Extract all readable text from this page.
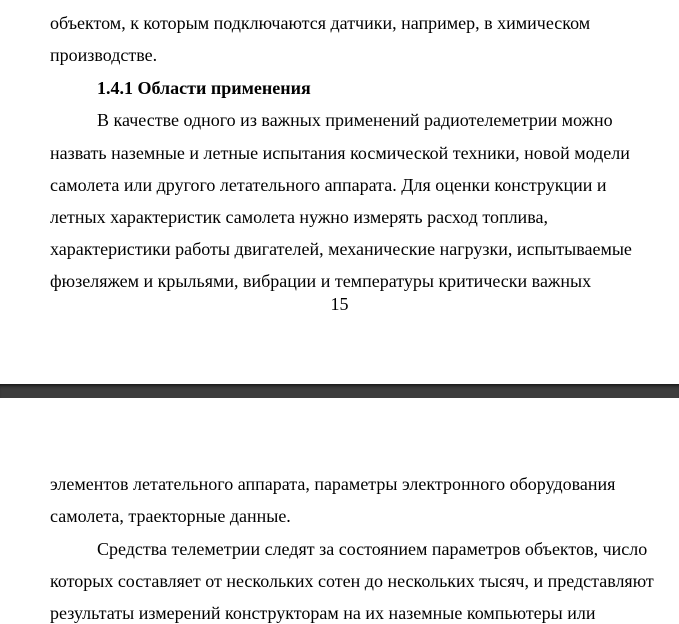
объектом, к которым подключаются датчики, например, в химическом
производстве.
1.4.1 Области применения
В качестве одного из важных применений радиотелеметрии можно
назвать наземные и летные испытания космической техники, новой модели
самолета или другого летательного аппарата. Для оценки конструкции и
летных характеристик самолета нужно измерять расход топлива,
характеристики работы двигателей, механические нагрузки, испытываемые
фюзеляжем и крыльями, вибрации и температуры критически важных
15
элементов летательного аппарата, параметры электронного оборудования
самолета, траекторные данные.
Средства телеметрии следят за состоянием параметров объектов, число
которых составляет от нескольких сотен до нескольких тысяч, и представляют
результаты измерений конструкторам на их наземные компьютеры или
